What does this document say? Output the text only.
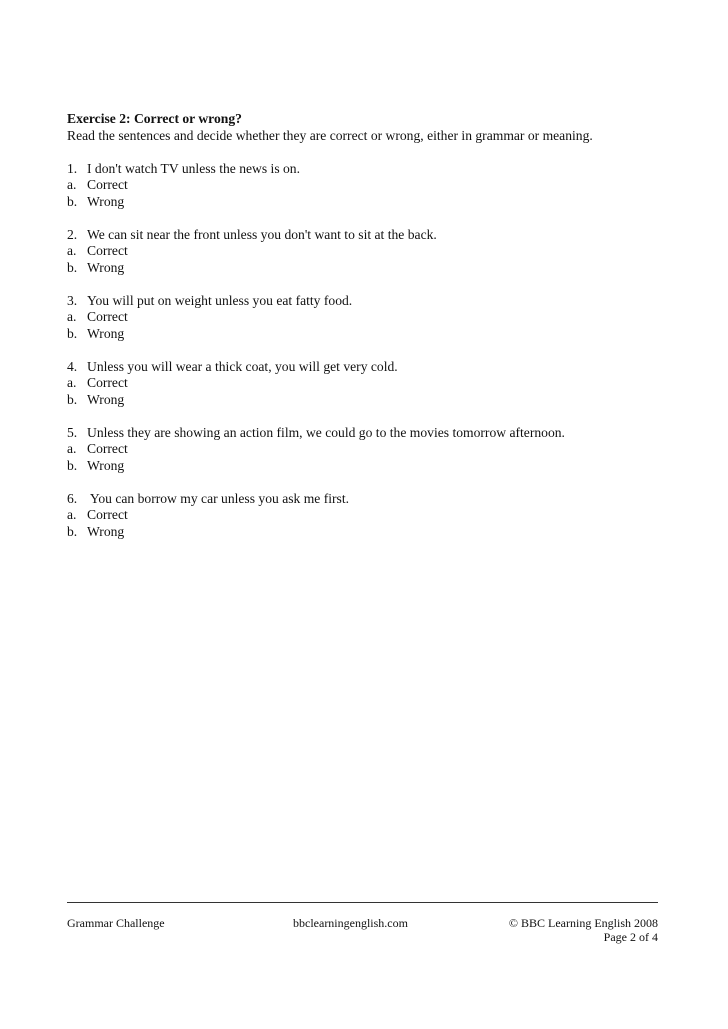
Exercise 2: Correct or wrong?

Read the sentences and decide whether they are correct or wrong, either in grammar or meaning.

1. I don't watch TV unless the news is on.
a. Correct
b. Wrong
2. We can sit near the front unless you don't want to sit at the back.
a. Correct
b. Wrong
3. You will put on weight unless you eat fatty food.
a. Correct
b. Wrong
4. Unless you will wear a thick coat, you will get very cold.
a. Correct
b. Wrong
5. Unless they are showing an action film, we could go to the movies tomorrow afternoon.
a. Correct
b. Wrong
6. You can borrow my car unless you ask me first.
a. Correct
b. Wrong
Grammar Challenge	bbclearningenglish.com	© BBC Learning English 2008
Page 2 of 4
